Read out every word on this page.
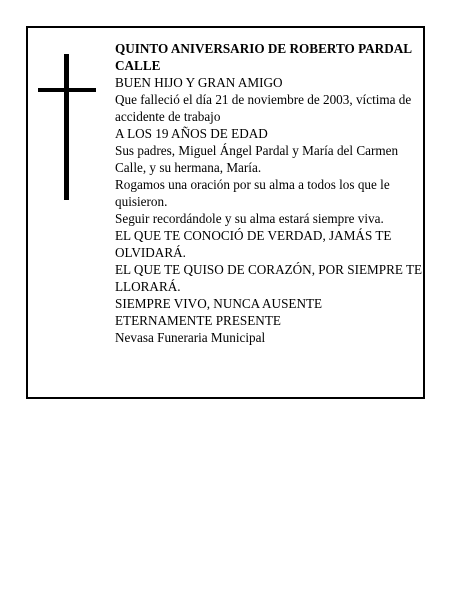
QUINTO ANIVERSARIO DE ROBERTO PARDAL CALLE

BUEN HIJO Y GRAN AMIGO

Que falleció el día 21 de noviembre de 2003, víctima de accidente de trabajo

A LOS 19 AÑOS DE EDAD

Sus padres, Miguel Ángel Pardal y María del Carmen Calle, y su hermana, María.

Rogamos una oración por su alma a todos los que le quisieron.

Seguir recordándole y su alma estará siempre viva.

EL QUE TE CONOCIÓ DE VERDAD, JAMÁS TE OLVIDARÁ.

EL QUE TE QUISO DE CORAZÓN, POR SIEMPRE TE LLORARÁ.

SIEMPRE VIVO, NUNCA AUSENTE

ETERNAMENTE PRESENTE

Nevasa Funeraria Municipal
